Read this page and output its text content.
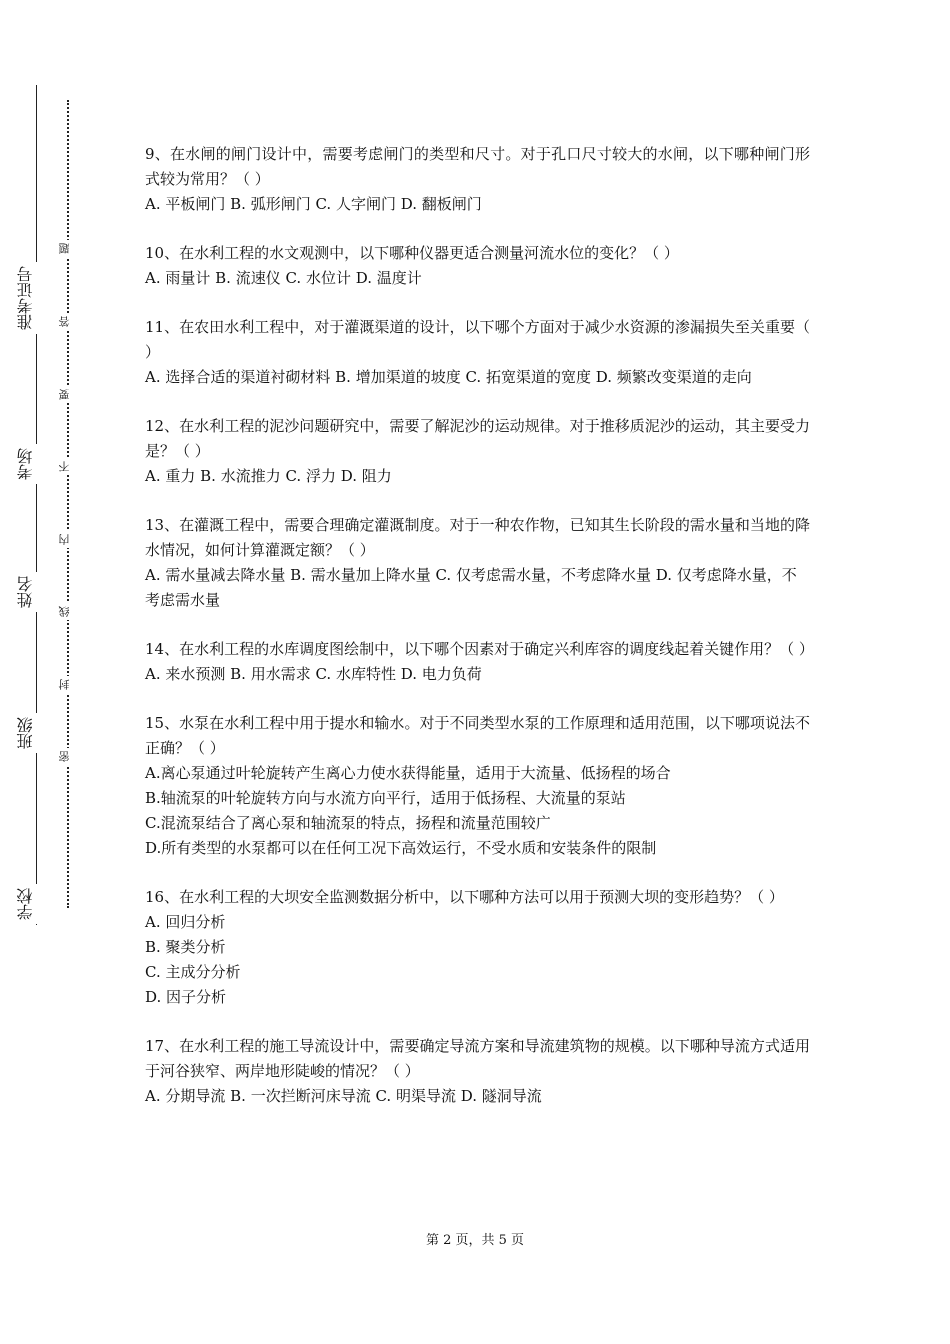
准考证号
考场
姓名
班级
学校
题
答
要
不
内
线
封
密

9、在水闸的闸门设计中，需要考虑闸门的类型和尺寸。对于孔口尺寸较大的水闸，以下哪种闸门形式较为常用？（ ）

A. 平板闸门 B. 弧形闸门 C. 人字闸门 D. 翻板闸门

10、在水利工程的水文观测中，以下哪种仪器更适合测量河流水位的变化？（ ）

A. 雨量计 B. 流速仪 C. 水位计 D. 温度计

11、在农田水利工程中，对于灌溉渠道的设计，以下哪个方面对于减少水资源的渗漏损失至关重要（ ）

A. 选择合适的渠道衬砌材料 B. 增加渠道的坡度 C. 拓宽渠道的宽度 D. 频繁改变渠道的走向

12、在水利工程的泥沙问题研究中，需要了解泥沙的运动规律。对于推移质泥沙的运动，其主要受力是？（ ）

A. 重力 B. 水流推力 C. 浮力 D. 阻力

13、在灌溉工程中，需要合理确定灌溉制度。对于一种农作物，已知其生长阶段的需水量和当地的降水情况，如何计算灌溉定额？（ ）

A. 需水量减去降水量 B. 需水量加上降水量 C. 仅考虑需水量，不考虑降水量 D. 仅考虑降水量，不考虑需水量

14、在水利工程的水库调度图绘制中，以下哪个因素对于确定兴利库容的调度线起着关键作用？（ ）

A. 来水预测 B. 用水需求 C. 水库特性 D. 电力负荷

15、水泵在水利工程中用于提水和输水。对于不同类型水泵的工作原理和适用范围，以下哪项说法不正确？（ ）

A.离心泵通过叶轮旋转产生离心力使水获得能量，适用于大流量、低扬程的场合

B.轴流泵的叶轮旋转方向与水流方向平行，适用于低扬程、大流量的泵站

C.混流泵结合了离心泵和轴流泵的特点，扬程和流量范围较广

D.所有类型的水泵都可以在任何工况下高效运行，不受水质和安装条件的限制

16、在水利工程的大坝安全监测数据分析中，以下哪种方法可以用于预测大坝的变形趋势？（ ）

A. 回归分析

B. 聚类分析

C. 主成分分析

D. 因子分析

17、在水利工程的施工导流设计中，需要确定导流方案和导流建筑物的规模。以下哪种导流方式适用于河谷狭窄、两岸地形陡峻的情况？（ ）

A. 分期导流 B. 一次拦断河床导流 C. 明渠导流 D. 隧洞导流

第 2 页，共 5 页
